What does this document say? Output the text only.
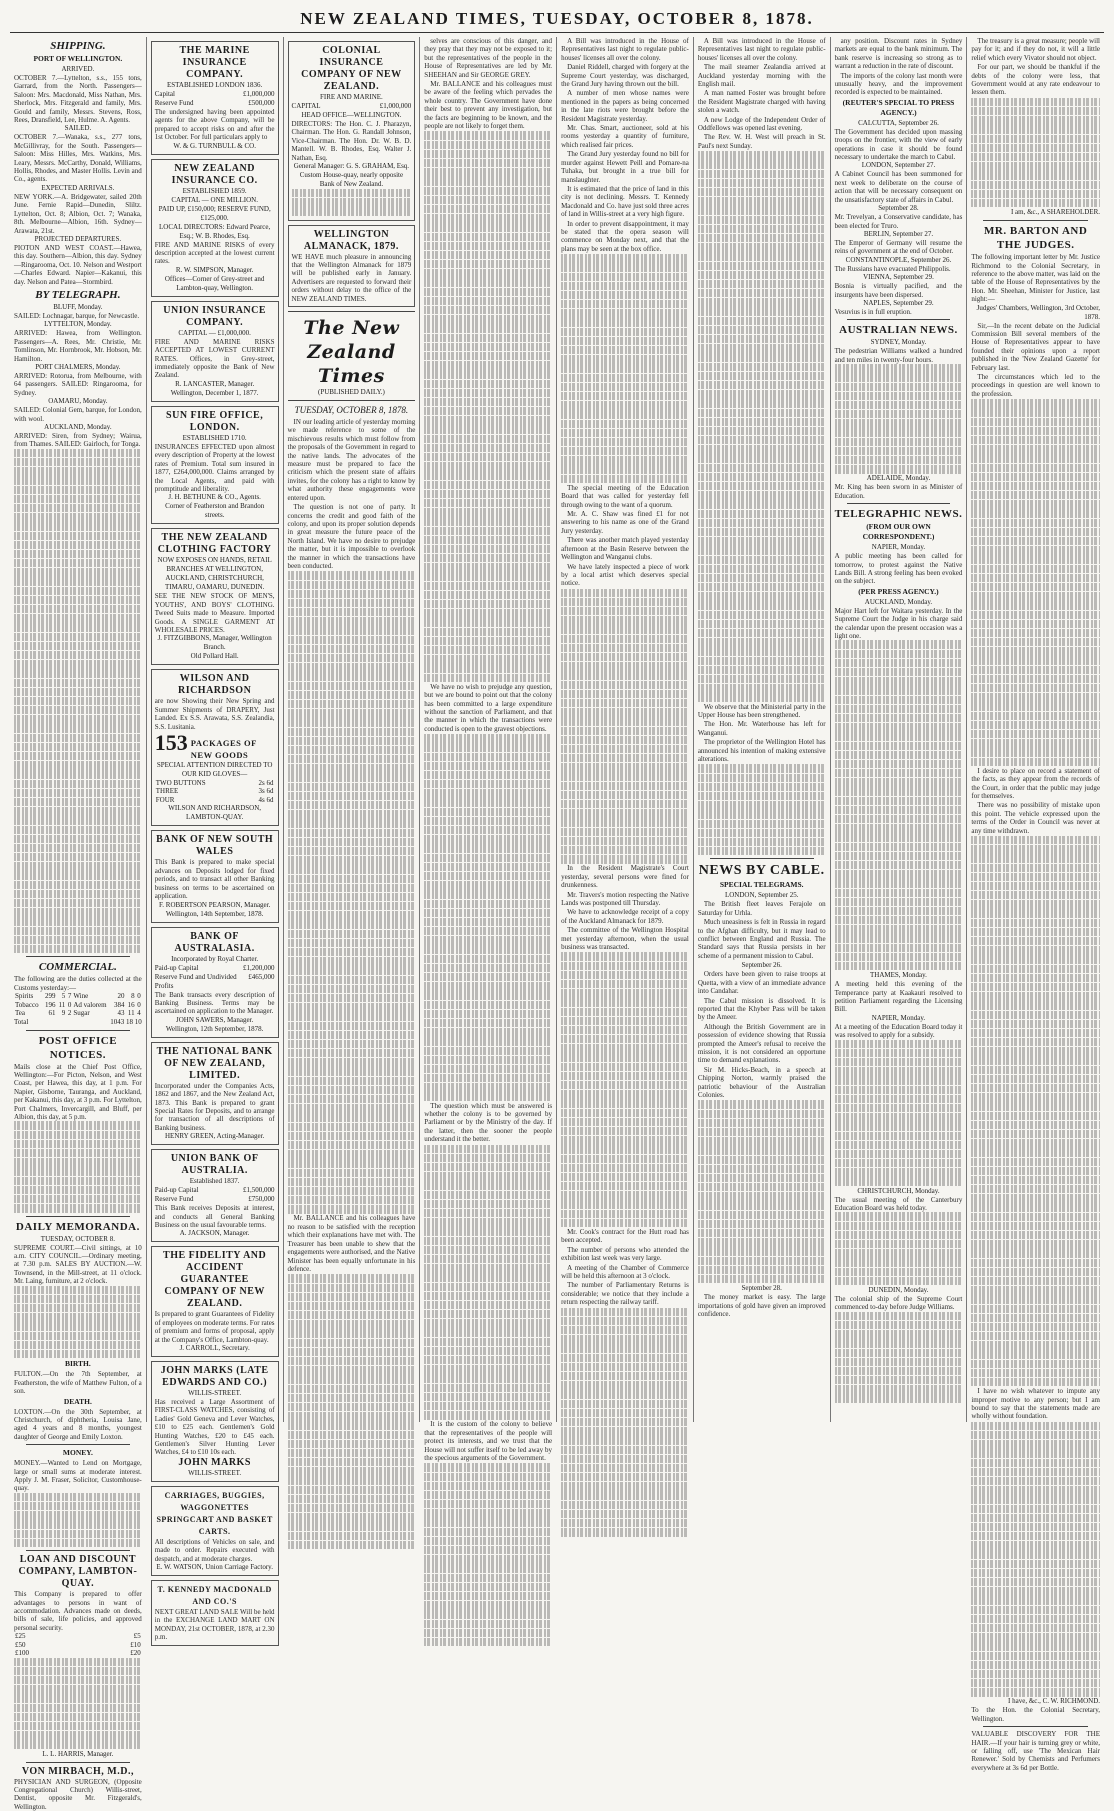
NEW ZEALAND TIMES, TUESDAY, OCTOBER 8, 1878.
SHIPPING.
PORT OF WELLINGTON.
ARRIVED.
OCTOBER 7.—Lyttelton, s.s., 155 tons, Garrard, from the North. Passengers—Saloon: Mrs. Macdonald, Miss Nathan, Mrs. Sherlock, Mrs. Fitzgerald and family, Mrs. Gould and family, Messrs. Stevens, Ross, Rees, Dransfield, Lee, Hulme. A. Agents.
SAILED.
OCTOBER 7.—Wanaka, s.s., 277 tons, McGillivray, for the South. Passengers—Saloon: Miss Hilles, Mrs. Watkins, Mrs. Leary, Messrs. McCarthy, Donald, Williams, Hollis, Rhodes, and Master Hollis. Levin and Co., agents.
EXPECTED ARRIVALS.
NEW YORK.—A. Bridgewater, sailed 20th June. Fernie Rapid—Dunedin, Sliltz. Lyttelton, Oct. 8; Albion, Oct. 7; Wanaka, 8th. Melbourne—Albion, 16th. Sydney—Arawata, 21st.
PROJECTED DEPARTURES.
PIOTON AND WEST COAST.—Hawea, this day. Southern—Albion, this day. Sydney—Ringarooma, Oct. 10. Nelson and Westport—Charles Edward. Napier—Kakanui, this day. Nelson and Patea—Stormbird.
BY TELEGRAPH.
BLUFF, Monday.
SAILED: Lochnagar, barque, for Newcastle.
LYTTELTON, Monday.
ARRIVED: Hawea, from Wellington. Passengers—A. Rees, Mr. Christie, Mr. Tomlinson, Mr. Hornbrook, Mr. Hobson, Mr. Hamilton.
PORT CHALMERS, Monday.
ARRIVED: Rotorua, from Melbourne, with 64 passengers. SAILED: Ringarooma, for Sydney.
OAMARU, Monday.
SAILED: Colonial Gem, barque, for London, with wool.
AUCKLAND, Monday.
ARRIVED: Siren, from Sydney; Wairua, from Thames. SAILED: Gairloch, for Tonga.
COMMERCIAL.
The following are the duties collected at the Customs yesterday:—
Spirits	299	5	7	Wine	20	8	0
Tobacco	196	11	0	Ad valorem	384	16	0
Tea	61	9	2	Sugar	43	11	4
Total	1043 18 10
POST OFFICE NOTICES.
Mails close at the Chief Post Office, Wellington:—For Picton, Nelson, and West Coast, per Hawea, this day, at 1 p.m. For Napier, Gisborne, Tauranga, and Auckland, per Kakanui, this day, at 3 p.m. For Lyttelton, Port Chalmers, Invercargill, and Bluff, per Albion, this day, at 5 p.m.
DAILY MEMORANDA.
TUESDAY, OCTOBER 8.
SUPREME COURT.—Civil sittings, at 10 a.m. CITY COUNCIL.—Ordinary meeting, at 7.30 p.m. SALES BY AUCTION.—W. Townsend, in the Mill-street, at 11 o'clock. Mr. Laing, furniture, at 2 o'clock.
BIRTH.
FULTON.—On the 7th September, at Featherston, the wife of Matthew Fulton, of a son.
DEATH.
LOXTON.—On the 30th September, at Christchurch, of diphtheria, Louisa Jane, aged 4 years and 8 months, youngest daughter of George and Emily Loxton.
MONEY.
MONEY.—Wanted to Lend on Mortgage, large or small sums at moderate interest. Apply J. M. Fraser, Solicitor, Customhouse-quay.
LOAN AND DISCOUNT COMPANY, LAMBTON-QUAY.
This Company is prepared to offer advantages to persons in want of accommodation. Advances made on deeds, bills of sale, life policies, and approved personal security.
£25	£5
£50	£10
£100	£20
L. L. HARRIS, Manager.
VON MIRBACH, M.D.,
PHYSICIAN AND SURGEON, (Opposite Congregational Church) Willis-street, Dentist, opposite Mr. Fitzgerald's, Wellington.
THE MARINE INSURANCE COMPANY.
ESTABLISHED LONDON 1836.
Capital	£1,000,000
Reserve Fund	£500,000
The undersigned having been appointed agents for the above Company, will be prepared to accept risks on and after the 1st October. For full particulars apply to
W. & G. TURNBULL & CO.
NEW ZEALAND INSURANCE CO.
ESTABLISHED 1859.
CAPITAL — ONE MILLION.
PAID UP, £150,000; RESERVE FUND, £125,000.
LOCAL DIRECTORS: Edward Pearce, Esq.; W. B. Rhodes, Esq.
FIRE AND MARINE RISKS of every description accepted at the lowest current rates.
R. W. SIMPSON, Manager.
Offices—Corner of Grey-street and Lambton-quay, Wellington.
UNION INSURANCE COMPANY.
CAPITAL — £1,000,000.
FIRE AND MARINE RISKS ACCEPTED AT LOWEST CURRENT RATES. Offices, in Grey-street, immediately opposite the Bank of New Zealand.
R. LANCASTER, Manager.
Wellington, December 1, 1877.
SUN FIRE OFFICE, LONDON.
ESTABLISHED 1710.
INSURANCES EFFECTED upon almost every description of Property at the lowest rates of Premium. Total sum insured in 1877, £264,000,000. Claims arranged by the Local Agents, and paid with promptitude and liberality.
J. H. BETHUNE & CO., Agents.
Corner of Featherston and Brandon streets.
THE NEW ZEALAND CLOTHING FACTORY
NOW EXPOSES ON HANDS, RETAIL BRANCHES AT WELLINGTON, AUCKLAND, CHRISTCHURCH, TIMARU, OAMARU, DUNEDIN.
SEE THE NEW STOCK OF MEN'S, YOUTHS', AND BOYS' CLOTHING. Tweed Suits made to Measure. Imported Goods. A SINGLE GARMENT AT WHOLESALE PRICES.
J. FITZGIBBONS, Manager, Wellington Branch.
Old Pollard Hall.
WILSON AND RICHARDSON
are now Showing their New Spring and Summer Shipments of DRAPERY, Just Landed. Ex S.S. Arawata, S.S. Zealandia, S.S. Lusitania.
153 PACKAGES OF NEW GOODS
SPECIAL ATTENTION DIRECTED TO OUR KID GLOVES—
TWO BUTTONS	2s 6d
THREE	3s 6d
FOUR	4s 6d
WILSON AND RICHARDSON, LAMBTON-QUAY.
BANK OF NEW SOUTH WALES
This Bank is prepared to make special advances on Deposits lodged for fixed periods, and to transact all other Banking business on terms to be ascertained on application.
F. ROBERTSON PEARSON, Manager.
Wellington, 14th September, 1878.
BANK OF AUSTRALASIA.
Incorporated by Royal Charter.
Paid-up Capital	£1,200,000
Reserve Fund and Undivided Profits
£465,000
The Bank transacts every description of Banking Business. Terms may be ascertained on application to the Manager.
JOHN SAWERS, Manager.
Wellington, 12th September, 1878.
THE NATIONAL BANK OF NEW ZEALAND, LIMITED.
Incorporated under the Companies Acts, 1862 and 1867, and the New Zealand Act, 1873. This Bank is prepared to grant Special Rates for Deposits, and to arrange for transaction of all descriptions of Banking business.
HENRY GREEN, Acting-Manager.
UNION BANK OF AUSTRALIA.
Established 1837.
Paid-up Capital	£1,500,000
Reserve Fund	£750,000
This Bank receives Deposits at interest, and conducts all General Banking Business on the usual favourable terms.
A. JACKSON, Manager.
THE FIDELITY AND ACCIDENT GUARANTEE COMPANY OF NEW ZEALAND.
Is prepared to grant Guarantees of Fidelity of employees on moderate terms. For rates of premium and forms of proposal, apply at the Company's Office, Lambton-quay.
J. CARROLL, Secretary.
JOHN MARKS (LATE EDWARDS AND CO.)
WILLIS-STREET.
Has received a Large Assortment of FIRST-CLASS WATCHES, consisting of Ladies' Gold Geneva and Lever Watches, £10 to £25 each. Gentlemen's Gold Hunting Watches, £20 to £45 each. Gentlemen's Silver Hunting Lever Watches, £4 to £10 10s each.
JOHN MARKS
WILLIS-STREET.
CARRIAGES, BUGGIES, WAGGONETTES SPRINGCART AND BASKET CARTS.
All descriptions of Vehicles on sale, and made to order. Repairs executed with despatch, and at moderate charges.
E. W. WATSON, Union Carriage Factory.
T. KENNEDY MACDONALD AND CO.'S
NEXT GREAT LAND SALE Will be held in the EXCHANGE LAND MART ON MONDAY, 21st OCTOBER, 1878, at 2.30 p.m.
COLONIAL INSURANCE COMPANY OF NEW ZEALAND.
FIRE AND MARINE.
CAPITAL	£1,000,000
HEAD OFFICE—WELLINGTON.
DIRECTORS: The Hon. C. J. Pharazyn, Chairman. The Hon. G. Randall Johnson, Vice-Chairman. The Hon. Dr. W. B. D. Mantell. W. B. Rhodes, Esq. Walter J. Nathan, Esq.
General Manager: G. S. GRAHAM, Esq.
Custom House-quay, nearly opposite Bank of New Zealand.
WELLINGTON ALMANACK, 1879.
WE HAVE much pleasure in announcing that the Wellington Almanack for 1879 will be published early in January. Advertisers are requested to forward their orders without delay to the office of the NEW ZEALAND TIMES.
The New Zealand Times
(PUBLISHED DAILY.)
TUESDAY, OCTOBER 8, 1878.

IN our leading article of yesterday morning we made reference to some of the mischievous results which must follow from the proposals of the Government in regard to the native lands. The advocates of the measure must be prepared to face the criticism which the present state of affairs invites, for the colony has a right to know by what authority these engagements were entered upon.

The question is not one of party. It concerns the credit and good faith of the colony, and upon its proper solution depends in great measure the future peace of the North Island. We have no desire to prejudge the matter, but it is impossible to overlook the manner in which the transactions have been conducted.

Mr. BALLANCE and his colleagues have no reason to be satisfied with the reception which their explanations have met with. The Treasurer has been unable to shew that the engagements were authorised, and the Native Minister has been equally unfortunate in his defence.

selves are conscious of this danger, and they pray that they may not be exposed to it; but the representatives of the people in the House of Representatives are led by Mr. SHEEHAN and Sir GEORGE GREY.

Mr. BALLANCE and his colleagues must be aware of the feeling which pervades the whole country. The Government have done their best to prevent any investigation, but the facts are beginning to be known, and the people are not likely to forget them.

We have no wish to prejudge any question, but we are bound to point out that the colony has been committed to a large expenditure without the sanction of Parliament, and that the manner in which the transactions were conducted is open to the gravest objections.

The question which must be answered is whether the colony is to be governed by Parliament or by the Ministry of the day. If the latter, then the sooner the people understand it the better.

It is the custom of the colony to believe that the representatives of the people will protect its interests, and we trust that the House will not suffer itself to be led away by the specious arguments of the Government.

A Bill was introduced in the House of Representatives last night to regulate public-houses' licenses all over the colony.

Daniel Riddell, charged with forgery at the Supreme Court yesterday, was discharged, the Grand Jury having thrown out the bill.

A number of men whose names were mentioned in the papers as being concerned in the late riots were brought before the Resident Magistrate yesterday.

Mr. Chas. Smart, auctioneer, sold at his rooms yesterday a quantity of furniture, which realised fair prices.

The Grand Jury yesterday found no bill for murder against Hewett Peill and Pomare-na Tuhaka, but brought in a true bill for manslaughter.

It is estimated that the price of land in this city is not declining. Messrs. T. Kennedy Macdonald and Co. have just sold three acres of land in Willis-street at a very high figure.

In order to prevent disappointment, it may be stated that the opera season will commence on Monday next, and that the plans may be seen at the box office.

The special meeting of the Education Board that was called for yesterday fell through owing to the want of a quorum.

Mr. A. C. Shaw was fined £1 for not answering to his name as one of the Grand Jury yesterday.

There was another match played yesterday afternoon at the Basin Reserve between the Wellington and Wanganui clubs.

We have lately inspected a piece of work by a local artist which deserves special notice.

In the Resident Magistrate's Court yesterday, several persons were fined for drunkenness.

Mr. Travers's motion respecting the Native Lands was postponed till Thursday.

We have to acknowledge receipt of a copy of the Auckland Almanack for 1879.

The committee of the Wellington Hospital met yesterday afternoon, when the usual business was transacted.

Mr. Cook's contract for the Hutt road has been accepted.

The number of persons who attended the exhibition last week was very large.

A meeting of the Chamber of Commerce will be held this afternoon at 3 o'clock.

The number of Parliamentary Returns is considerable; we notice that they include a return respecting the railway tariff.

A Bill was introduced in the House of Representatives last night to regulate public-houses' licenses all over the colony.

The mail steamer Zealandia arrived at Auckland yesterday morning with the English mail.

A man named Foster was brought before the Resident Magistrate charged with having stolen a watch.

A new Lodge of the Independent Order of Oddfellows was opened last evening.

The Rev. W. H. West will preach in St. Paul's next Sunday.

We observe that the Ministerial party in the Upper House has been strengthened.

The Hon. Mr. Waterhouse has left for Wanganui.

The proprietor of the Wellington Hotel has announced his intention of making extensive alterations.

NEWS BY CABLE.
SPECIAL TELEGRAMS.
LONDON, September 25.

The British fleet leaves Ferajole on Saturday for Urhla.

Much uneasiness is felt in Russia in regard to the Afghan difficulty, but it may lead to conflict between England and Russia. The Standard says that Russia persists in her scheme of a permanent mission to Cabul.

September 26.

Orders have been given to raise troops at Quetta, with a view of an immediate advance into Candahar.

The Cabul mission is dissolved. It is reported that the Khyber Pass will be taken by the Ameer.

Although the British Government are in possession of evidence showing that Russia prompted the Ameer's refusal to receive the mission, it is not considered an opportune time to demand explanations.

Sir M. Hicks-Beach, in a speech at Chipping Norton, warmly praised the patriotic behaviour of the Australian Colonies.

September 28.

The money market is easy. The large importations of gold have given an improved confidence.

any position. Discount rates in Sydney markets are equal to the bank minimum. The bank reserve is increasing so strong as to warrant a reduction in the rate of discount.

The imports of the colony last month were unusually heavy, and the improvement recorded is expected to be maintained.

(REUTER'S SPECIAL TO PRESS AGENCY.)
CALCUTTA, September 26.
The Government has decided upon massing troops on the frontier, with the view of early operations in case it should be found necessary to undertake the march to Cabul.
LONDON, September 27.
A Cabinet Council has been summoned for next week to deliberate on the course of action that will be necessary consequent on the unsatisfactory state of affairs in Cabul.
September 28.
Mr. Trevelyan, a Conservative candidate, has been elected for Truro.
BERLIN, September 27.
The Emperor of Germany will resume the reins of government at the end of October.
CONSTANTINOPLE, September 26.
The Russians have evacuated Philippolis.
VIENNA, September 29.
Bosnia is virtually pacified, and the insurgents have been dispersed.
NAPLES, September 29.
Vesuvius is in full eruption.
AUSTRALIAN NEWS.
SYDNEY, Monday.
The pedestrian Williams walked a hundred and ten miles in twenty-four hours.
ADELAIDE, Monday.
Mr. King has been sworn in as Minister of Education.
TELEGRAPHIC NEWS.
(FROM OUR OWN CORRESPONDENT.)
NAPIER, Monday.
A public meeting has been called for tomorrow, to protest against the Native Lands Bill. A strong feeling has been evoked on the subject.
(PER PRESS AGENCY.)
AUCKLAND, Monday.
Major Hart left for Waitara yesterday. In the Supreme Court the Judge in his charge said the calendar upon the present occasion was a light one.
THAMES, Monday.
A meeting held this evening of the Temperance party at Kaakauri resolved to petition Parliament regarding the Licensing Bill.
NAPIER, Monday.
At a meeting of the Education Board today it was resolved to apply for a subsidy.
CHRISTCHURCH, Monday.
The usual meeting of the Canterbury Education Board was held today.
DUNEDIN, Monday.
The colonial ship of the Supreme Court commenced to-day before Judge Williams.

The treasury is a great measure; people will pay for it; and if they do not, it will a little relief which every Vivator should not object.

For our part, we should be thankful if the debts of the colony were less, that Government would at any rate endeavour to lessen them.

I am, &c., A SHAREHOLDER.
MR. BARTON AND THE JUDGES.
The following important letter by Mr. Justice Richmond to the Colonial Secretary, in reference to the above matter, was laid on the table of the House of Representatives by the Hon. Mr. Sheehan, Minister for Justice, last night:—
Judges' Chambers, Wellington, 3rd October, 1878.

Sir,—In the recent debate on the Judicial Commission Bill several members of the House of Representatives appear to have founded their opinions upon a report published in the 'New Zealand Gazette' for February last.

The circumstances which led to the proceedings in question are well known to the profession.

I desire to place on record a statement of the facts, as they appear from the records of the Court, in order that the public may judge for themselves.

There was no possibility of mistake upon this point. The vehicle expressed upon the terms of the Order in Council was never at any time withdrawn.

I have no wish whatever to impute any improper motive to any person; but I am bound to say that the statements made are wholly without foundation.

I have, &c., C. W. RICHMOND.
To the Hon. the Colonial Secretary, Wellington.
VALUABLE DISCOVERY FOR THE HAIR.—If your hair is turning grey or white, or falling off, use 'The Mexican Hair Renewer.' Sold by Chemists and Perfumers everywhere at 3s 6d per Bottle.
